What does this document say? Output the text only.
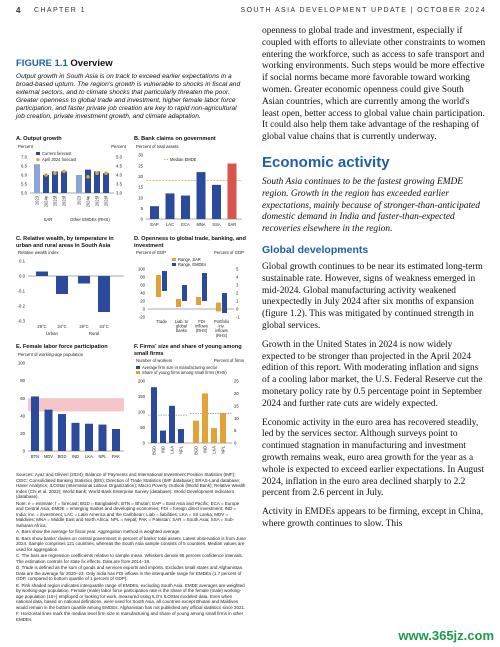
4 CHAPTER 1	SOUTH ASIA DEVELOPMENT UPDATE | OCTOBER 2024
FIGURE 1.1 Overview
Output growth in South Asia is on track to exceed earlier expectations in a broad-based upturn. The region's growth is vulnerable to shocks in fiscal and external sectors, and to climate shocks that particularly threaten the poor. Greater openness to global trade and investment, higher female labor force participation, and faster private job creation are key to rapid non-agricultural job creation, private investment growth, and climate adaptation.
A. Output growth
Percent	Percent
Current forecast
April 2024 forecast
7.0
6.5
6.0
5.5
5.0
5.0
4.5
4.0
3.5
3.0
2023 2024e 2025f 2026f 2023 2024e 2025f 2026f
SAR	Other EMDEs (RHS)
B. Bank claims on government
Percent of total assets
30
25
20
15
10
5
0
Median EMDE
EAP LAC ECA MNA SSA SAR
C. Relative wealth, by temperature in urban and rural areas in South Asia
Relative wealth index
0.1
0.0
-0.1
-0.2
-0.3
29°C	34°C	29°C	34°C
Urban	Rural
D. Openness to global trade, banking, and investment
Percent of GDP	Percent of GDP
Range, SAR
Range, EMDEs
100
80
60
40
20
0
-20
5
4
3
2
1
0
-1
Trade Liab. to
global
banks
FDI
inflows
(RHS)
Portfolio
inv.
inflows
(RHS)
E. Female labor force participation
Percent of working-age population
100
80
60
40
20
0
BTN MDV BGD IND LKA NPL PAK
F. Firms' size and share of young among small firms
Number of workers	Percent of firms
Average firm size in manufacturing sector
Share of young firms among small firms (RHS)
200
150
100
50
0
25
20
15
10
5
0
BGD IND LKA NPL BGD IND LKA NPL

Sources: Ayaz and Olivieri (2024); Balance of Payments and International Investment Position Statistics (IMF); CEIC; Consolidated Banking Statistics (BIS); Direction of Trade Statistics (IMF database); ERAS-Land database; Haver Analytics; ILOStat (International Labour Organization); Macro Poverty Outlook (World Bank); Relative Wealth Index (Chi et al. 2022); World Bank; World Bank Enterprise Survey (database); World Development Indicators (database).

Note: e = estimate; f = forecast; BGD = Bangladesh; BTN = Bhutan; EAP = East Asia and Pacific; ECA = Europe and Central Asia; EMDE = emerging market and developing economies; FDI = foreign direct investment; IND = India; inv. = investment; LAC = Latin America and the Caribbean; Liab = liabilities; LKA = Sri Lanka; MDV = Maldives; MNA = Middle East and North Africa; NPL = Nepal; PAK = Pakistan; SAR = South Asia; SSA = Sub-Saharan Africa.

A. Bars show the average for fiscal year. Aggregation method is weighted average.

B. Bars show banks' claims on central government in percent of banks' total assets. Latest observation is from June 2024. Sample comprises 121 countries, whereas the South Asia sample consists of 5 countries. Median values are used for aggregation.

C. The bars are regression coefficients relative to sample mean. Whiskers denote 95 percent confidence intervals. The estimation controls for state fix effects. Data are from 2014–18.

D. Trade is defined as the sum of goods and services exports and imports. Excludes small states and Afghanistan. Data are the average for 2020–23. Only India has FDI inflows in the interquartile range for EMDEs (1.7 percent of GDP, compared to bottom quartile of 1 percent of GDP).

E. Pink shaded region indicates interquartile range of EMDEs, excluding South Asia. EMDE averages are weighted by working-age population. Female (male) labor force participation rate is the share of the female (male) working-age population (15+) employed or looking for work, measured using ILO's ILOStat modeled data. Even when national data, based on national definitions, were used for South Asia, all countries except Bhutan and Maldives would remain in the bottom quartile among EMDEs. Afghanistan has not published any official statistics since 2021.

F. Horizontal lines mark the median level firm size in manufacturing and share of young among small firms in other EMDEs.

openness to global trade and investment, especially if coupled with efforts to alleviate other constraints to women entering the workforce, such as access to safe transport and working environments. Such steps would be more effective if social norms became more favorable toward working women. Greater economic openness could give South Asian countries, which are currently among the world's least open, better access to global value chain participation. It could also help them take advantage of the reshaping of global value chains that is currently underway.

Economic activity

South Asia continues to be the fastest growing EMDE region. Growth in the region has exceeded earlier expectations, mainly because of stronger-than-anticipated domestic demand in India and faster-than-expected recoveries elsewhere in the region.

Global developments

Global growth continues to be near its estimated long-term sustainable rate. However, signs of weakness emerged in mid-2024. Global manufacturing activity weakened unexpectedly in July 2024 after six months of expansion (figure 1.2). This was mitigated by continued strength in global services.

Growth in the United States in 2024 is now widely expected to be stronger than projected in the April 2024 edition of this report. With moderating inflation and signs of a cooling labor market, the U.S. Federal Reserve cut the monetary policy rate by 0.5 percentage point in September 2024 and further rate cuts are widely expected.

Economic activity in the euro area has recovered steadily, led by the services sector. Although surveys point to continued stagnation in manufacturing and investment growth remains weak, euro area growth for the year as a whole is expected to exceed earlier expectations. In August 2024, inflation in the euro area declined sharply to 2.2 percent from 2.6 percent in July.

Activity in EMDEs appears to be firming, except in China, where growth continues to slow. This

www.365jz.com
